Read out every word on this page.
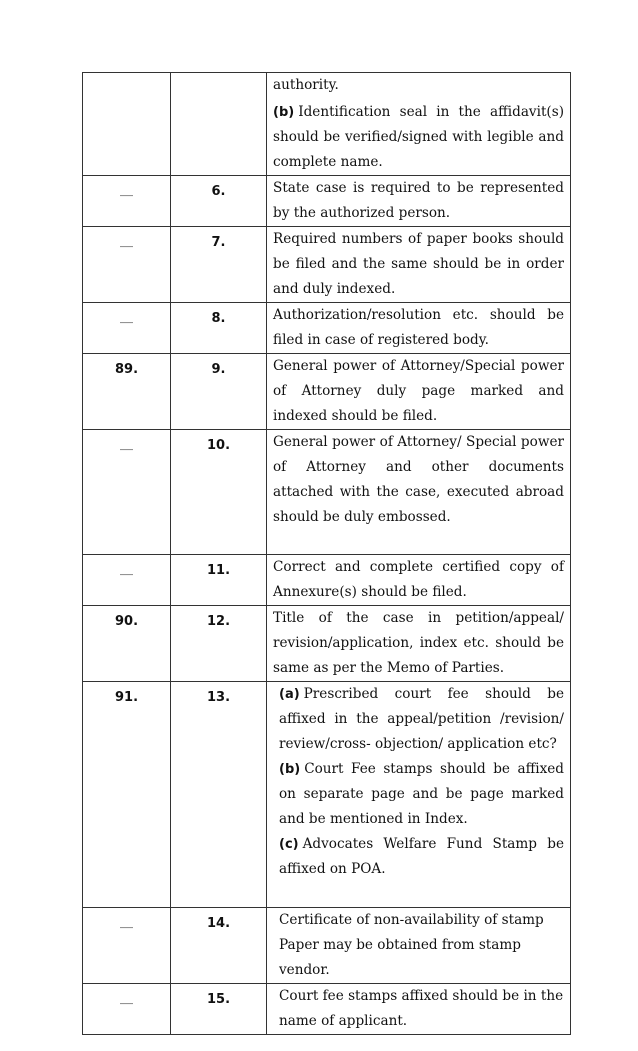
		authority.
(b) Identification seal in the affidavit(s) should be verified/signed with legible and complete name.

__	6.	State case is required to be represented by the authorized person.

__	7.	Required numbers of paper books should be filed and the same should be in order and duly indexed.

__	8.	Authorization/resolution etc. should be filed in case of registered body.

89.	9.	General power of Attorney/Special power of Attorney duly page marked and indexed should be filed.

__	10.	General power of Attorney/ Special power of Attorney and other documents attached with the case, executed abroad should be duly embossed.

__	11.	Correct and complete certified copy of Annexure(s) should be filed.

90.	12.	Title of the case in petition/appeal/ revision/application, index etc. should be same as per the Memo of Parties.

91.	13.	(a) Prescribed court fee should be affixed in the appeal/petition /revision/ review/cross- objection/ application etc?
(b) Court Fee stamps should be affixed on separate page and be page marked and be mentioned in Index.
(c) Advocates Welfare Fund Stamp be affixed on POA.

__	14.	Certificate of non-availability of stamp Paper may be obtained from stamp vendor.

__	15.	Court fee stamps affixed should be in the name of applicant.
